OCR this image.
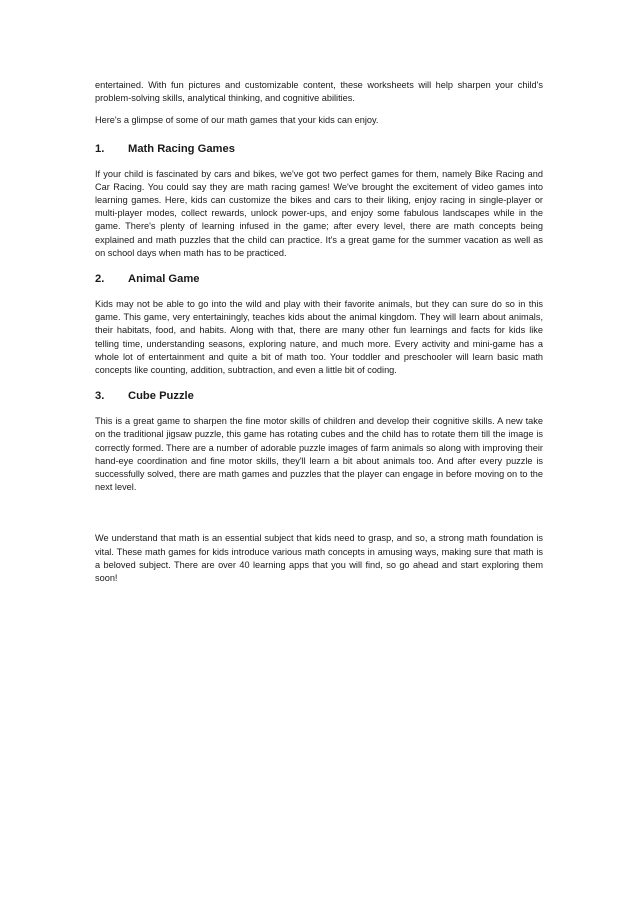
entertained. With fun pictures and customizable content, these worksheets will help sharpen your child's problem-solving skills, analytical thinking, and cognitive abilities.

Here's a glimpse of some of our math games that your kids can enjoy.

1.	Math Racing Games

If your child is fascinated by cars and bikes, we've got two perfect games for them, namely Bike Racing and Car Racing. You could say they are math racing games! We've brought the excitement of video games into learning games. Here, kids can customize the bikes and cars to their liking, enjoy racing in single-player or multi-player modes, collect rewards, unlock power-ups, and enjoy some fabulous landscapes while in the game. There's plenty of learning infused in the game; after every level, there are math concepts being explained and math puzzles that the child can practice. It's a great game for the summer vacation as well as on school days when math has to be practiced.

2.	Animal Game

Kids may not be able to go into the wild and play with their favorite animals, but they can sure do so in this game. This game, very entertainingly, teaches kids about the animal kingdom. They will learn about animals, their habitats, food, and habits. Along with that, there are many other fun learnings and facts for kids like telling time, understanding seasons, exploring nature, and much more. Every activity and mini-game has a whole lot of entertainment and quite a bit of math too. Your toddler and preschooler will learn basic math concepts like counting, addition, subtraction, and even a little bit of coding.

3.	Cube Puzzle

This is a great game to sharpen the fine motor skills of children and develop their cognitive skills. A new take on the traditional jigsaw puzzle, this game has rotating cubes and the child has to rotate them till the image is correctly formed. There are a number of adorable puzzle images of farm animals so along with improving their hand-eye coordination and fine motor skills, they'll learn a bit about animals too. And after every puzzle is successfully solved, there are math games and puzzles that the player can engage in before moving on to the next level.

We understand that math is an essential subject that kids need to grasp, and so, a strong math foundation is vital. These math games for kids introduce various math concepts in amusing ways, making sure that math is a beloved subject. There are over 40 learning apps that you will find, so go ahead and start exploring them soon!
